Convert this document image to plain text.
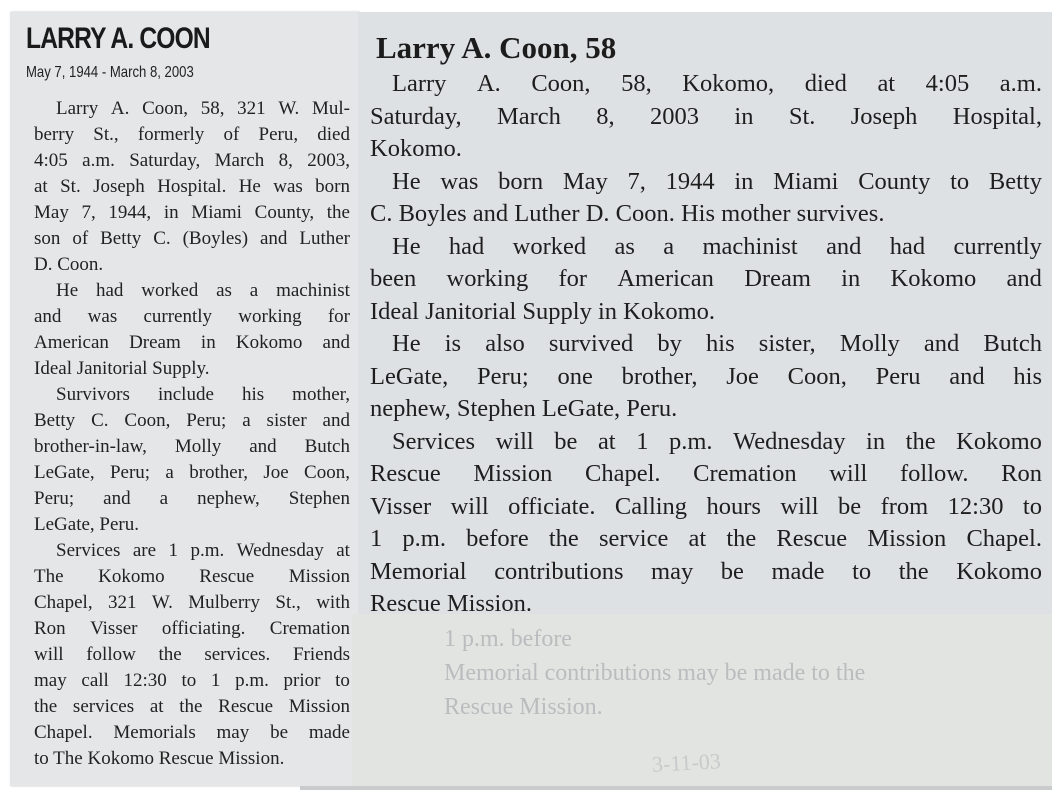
LARRY A. COON
May 7, 1944 - March 8, 2003
Larry A. Coon, 58, 321 W. Mul-
berry St., formerly of Peru, died
4:05 a.m. Saturday, March 8, 2003,
at St. Joseph Hospital. He was born
May 7, 1944, in Miami County, the
son of Betty C. (Boyles) and Luther
D. Coon.
He had worked as a machinist
and was currently working for
American Dream in Kokomo and
Ideal Janitorial Supply.
Survivors include his mother,
Betty C. Coon, Peru; a sister and
brother-in-law, Molly and Butch
LeGate, Peru; a brother, Joe Coon,
Peru; and a nephew, Stephen
LeGate, Peru.
Services are 1 p.m. Wednesday at
The Kokomo Rescue Mission
Chapel, 321 W. Mulberry St., with
Ron Visser officiating. Cremation
will follow the services. Friends
may call 12:30 to 1 p.m. prior to
the services at the Rescue Mission
Chapel. Memorials may be made
to The Kokomo Rescue Mission.
Larry A. Coon, 58
Larry A. Coon, 58, Kokomo, died at 4:05 a.m.
Saturday, March 8, 2003 in St. Joseph Hospital,
Kokomo.
He was born May 7, 1944 in Miami County to Betty
C. Boyles and Luther D. Coon. His mother survives.
He had worked as a machinist and had currently
been working for American Dream in Kokomo and
Ideal Janitorial Supply in Kokomo.
He is also survived by his sister, Molly and Butch
LeGate, Peru; one brother, Joe Coon, Peru and his
nephew, Stephen LeGate, Peru.
Services will be at 1 p.m. Wednesday in the Kokomo
Rescue Mission Chapel. Cremation will follow. Ron
Visser will officiate. Calling hours will be from 12:30 to
1 p.m. before the service at the Rescue Mission Chapel.
Memorial contributions may be made to the Kokomo
Rescue Mission.
1 p.m. before
Memorial contributions may be made to the
Rescue Mission.
3-11-03
